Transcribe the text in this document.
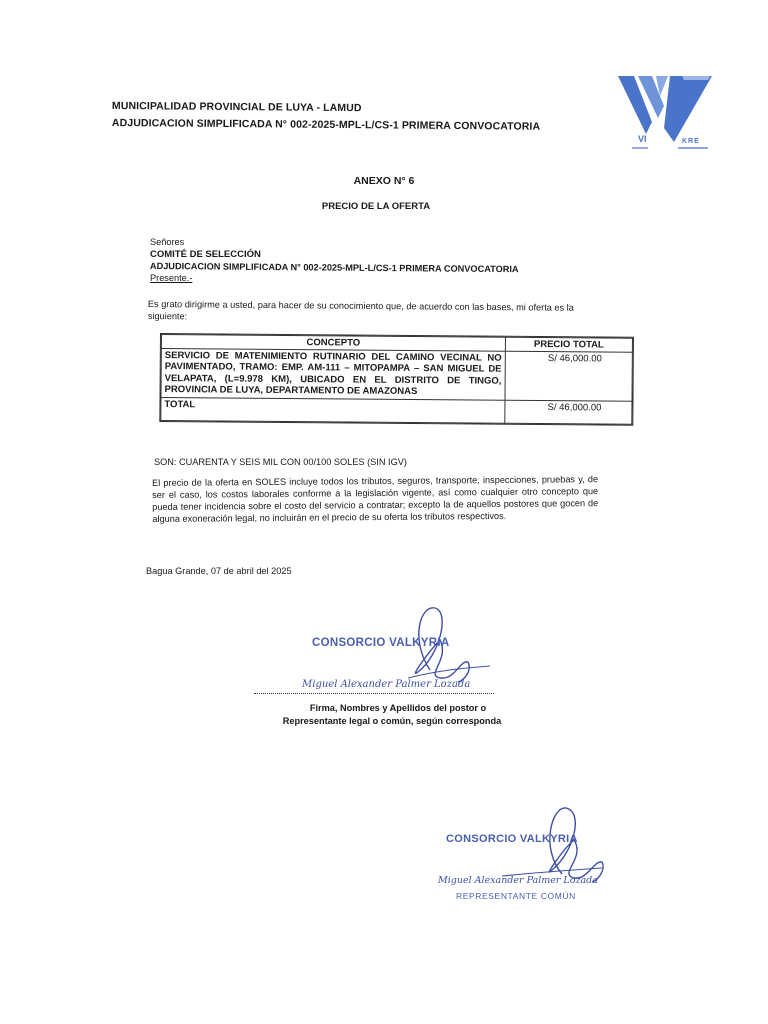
VI	KRE
MUNICIPALIDAD PROVINCIAL DE LUYA - LAMUD
ADJUDICACION SIMPLIFICADA N° 002-2025-MPL-L/CS-1 PRIMERA CONVOCATORIA
ANEXO N° 6
PRECIO DE LA OFERTA
Señores
COMITÉ DE SELECCIÓN
ADJUDICACION SIMPLIFICADA N° 002-2025-MPL-L/CS-1 PRIMERA CONVOCATORIA
Presente.-
Es grato dirigirme a usted, para hacer de su conocimiento que, de acuerdo con las bases, mi oferta es la siguiente:
CONCEPTO	PRECIO TOTAL
SERVICIO DE MATENIMIENTO RUTINARIO DEL CAMINO VECINAL NO PAVIMENTADO, TRAMO: EMP. AM-111 – MITOPAMPA – SAN MIGUEL DE VELAPATA, (L=9.978 KM), UBICADO EN EL DISTRITO DE TINGO, PROVINCIA DE LUYA, DEPARTAMENTO DE AMAZONAS	S/ 46,000.00
TOTAL	S/ 46,000.00
SON: CUARENTA Y SEIS MIL CON 00/100 SOLES (SIN IGV)
El precio de la oferta en SOLES incluye todos los tributos, seguros, transporte, inspecciones, pruebas y, de ser el caso, los costos laborales conforme a la legislación vigente, así como cualquier otro concepto que pueda tener incidencia sobre el costo del servicio a contratar; excepto la de aquellos postores que gocen de alguna exoneración legal, no incluirán en el precio de su oferta los tributos respectivos.
Bagua Grande, 07 de abril del 2025
CONSORCIO VALKYRIA
Miguel Alexander Palmer Lozada
Firma, Nombres y Apellidos del postor o
Representante legal o común, según corresponda
CONSORCIO VALKYRIA
Miguel Alexander Palmer Lozada
REPRESENTANTE COMÚN
